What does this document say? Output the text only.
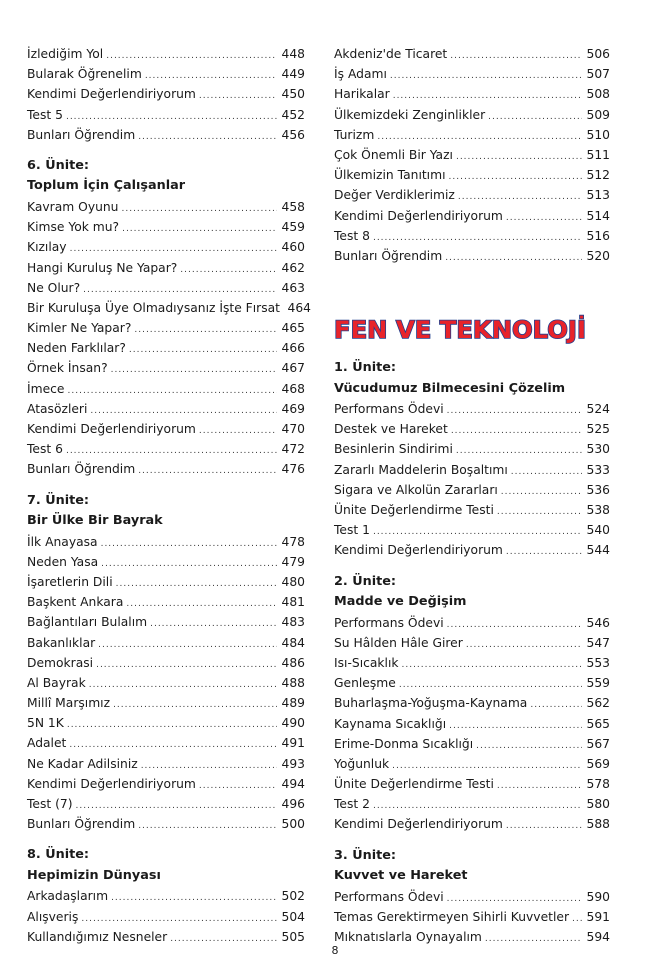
İzlediğim Yol .....	448
Bularak Öğrenelim .....	449
Kendimi Değerlendiriyorum .....	450
Test 5 .....	452
Bunları Öğrendim .....	456
6. Ünite:
Toplum İçin Çalışanlar
Kavram Oyunu .....	458
Kimse Yok mu? .....	459
Kızılay .....	460
Hangi Kuruluş Ne Yapar? .....	462
Ne Olur? .....	463
Bir Kuruluşa Üye Olmadıysanız İşte Fırsat 464
Kimler Ne Yapar? .....	465
Neden Farklılar? .....	466
Örnek İnsan? .....	467
İmece .....	468
Atasözleri .....	469
Kendimi Değerlendiriyorum .....	470
Test 6 .....	472
Bunları Öğrendim .....	476
7. Ünite:
Bir Ülke Bir Bayrak
İlk Anayasa .....	478
Neden Yasa .....	479
İşaretlerin Dili .....	480
Başkent Ankara .....	481
Bağlantıları Bulalım .....	483
Bakanlıklar .....	484
Demokrasi .....	486
Al Bayrak .....	488
Millî Marşımız .....	489
5N 1K .....	490
Adalet .....	491
Ne Kadar Adilsiniz .....	493
Kendimi Değerlendiriyorum .....	494
Test (7) .....	496
Bunları Öğrendim .....	500
8. Ünite:
Hepimizin Dünyası
Arkadaşlarım .....	502
Alışveriş .....	504
Kullandığımız Nesneler .....	505
Akdeniz'de Ticaret .....	506
İş Adamı .....	507
Harikalar .....	508
Ülkemizdeki Zenginlikler .....	509
Turizm .....	510
Çok Önemli Bir Yazı .....	511
Ülkemizin Tanıtımı .....	512
Değer Verdiklerimiz .....	513
Kendimi Değerlendiriyorum .....	514
Test 8 .....	516
Bunları Öğrendim .....	520
FEN VE TEKNOLOJİ
1. Ünite:
Vücudumuz Bilmecesini Çözelim
Performans Ödevi .....	524
Destek ve Hareket .....	525
Besinlerin Sindirimi .....	530
Zararlı Maddelerin Boşaltımı .....	533
Sigara ve Alkolün Zararları .....	536
Ünite Değerlendirme Testi .....	538
Test 1 .....	540
Kendimi Değerlendiriyorum .....	544
2. Ünite:
Madde ve Değişim
Performans Ödevi .....	546
Su Hâlden Hâle Girer .....	547
Isı-Sıcaklık .....	553
Genleşme .....	559
Buharlaşma-Yoğuşma-Kaynama .....	562
Kaynama Sıcaklığı .....	565
Erime-Donma Sıcaklığı .....	567
Yoğunluk .....	569
Ünite Değerlendirme Testi .....	578
Test 2 .....	580
Kendimi Değerlendiriyorum .....	588
3. Ünite:
Kuvvet ve Hareket
Performans Ödevi .....	590
Temas Gerektirmeyen Sihirli Kuvvetler ..... 591
Mıknatıslarla Oynayalım .....	594
8
